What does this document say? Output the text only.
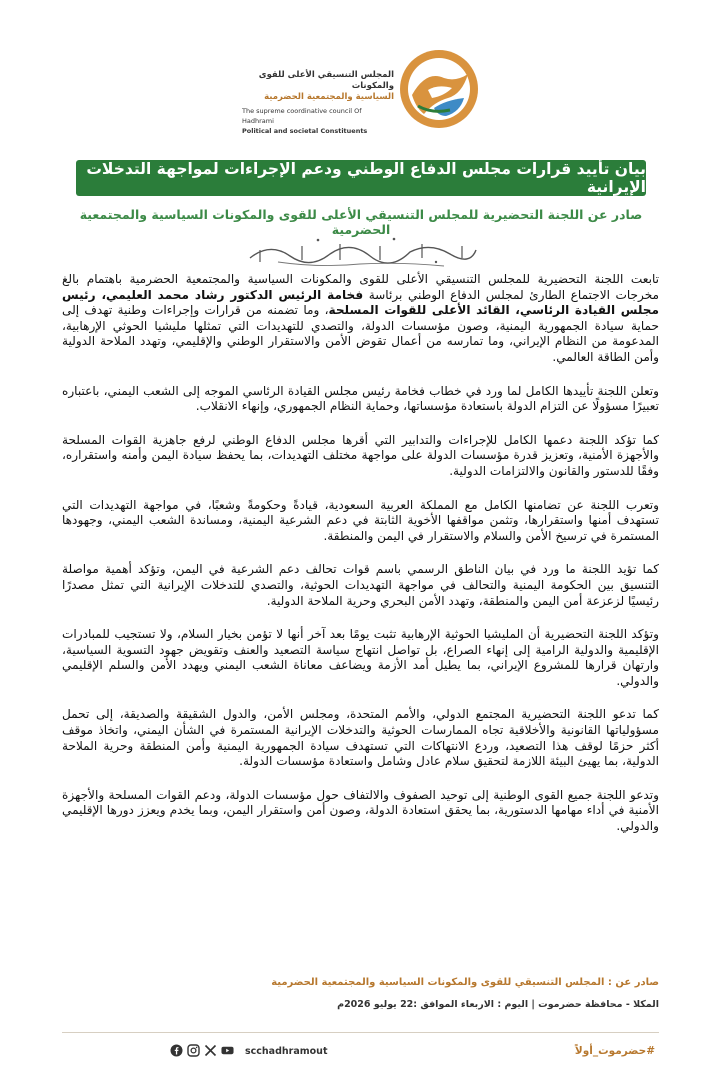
المجلس التنسيقي الأعلى للقوى والمكونات
السياسية والمجتمعية الحضرمية
The supreme coordinative council Of Hadhrami
Political and societal Constituents
بيان تأييد قرارات مجلس الدفاع الوطني ودعم الإجراءات لمواجهة التدخلات الإيرانية
صادر عن اللجنة التحضيرية للمجلس التنسيقي الأعلى للقوى والمكونات السياسية والمجتمعية الحضرمية

تابعت اللجنة التحضيرية للمجلس التنسيقي الأعلى للقوى والمكونات السياسية والمجتمعية الحضرمية باهتمام بالغ مخرجات الاجتماع الطارئ لمجلس الدفاع الوطني برئاسة فخامة الرئيس الدكتور رشاد محمد العليمي، رئيس مجلس القيادة الرئاسي، القائد الأعلى للقوات المسلحة، وما تضمنه من قرارات وإجراءات وطنية تهدف إلى حماية سيادة الجمهورية اليمنية، وصون مؤسسات الدولة، والتصدي للتهديدات التي تمثلها مليشيا الحوثي الإرهابية، المدعومة من النظام الإيراني، وما تمارسه من أعمال تقوض الأمن والاستقرار الوطني والإقليمي، وتهدد الملاحة الدولية وأمن الطاقة العالمي.

وتعلن اللجنة تأييدها الكامل لما ورد في خطاب فخامة رئيس مجلس القيادة الرئاسي الموجه إلى الشعب اليمني، باعتباره تعبيرًا مسؤولًا عن التزام الدولة باستعادة مؤسساتها، وحماية النظام الجمهوري، وإنهاء الانقلاب.

كما تؤكد اللجنة دعمها الكامل للإجراءات والتدابير التي أقرها مجلس الدفاع الوطني لرفع جاهزية القوات المسلحة والأجهزة الأمنية، وتعزيز قدرة مؤسسات الدولة على مواجهة مختلف التهديدات، بما يحفظ سيادة اليمن وأمنه واستقراره، وفقًا للدستور والقانون والالتزامات الدولية.

وتعرب اللجنة عن تضامنها الكامل مع المملكة العربية السعودية، قيادةً وحكومةً وشعبًا، في مواجهة التهديدات التي تستهدف أمنها واستقرارها، وتثمن مواقفها الأخوية الثابتة في دعم الشرعية اليمنية، ومساندة الشعب اليمني، وجهودها المستمرة في ترسيخ الأمن والسلام والاستقرار في اليمن والمنطقة.

كما تؤيد اللجنة ما ورد في بيان الناطق الرسمي باسم قوات تحالف دعم الشرعية في اليمن، وتؤكد أهمية مواصلة التنسيق بين الحكومة اليمنية والتحالف في مواجهة التهديدات الحوثية، والتصدي للتدخلات الإيرانية التي تمثل مصدرًا رئيسيًا لزعزعة أمن اليمن والمنطقة، وتهدد الأمن البحري وحرية الملاحة الدولية.

وتؤكد اللجنة التحضيرية أن المليشيا الحوثية الإرهابية تثبت يومًا بعد آخر أنها لا تؤمن بخيار السلام، ولا تستجيب للمبادرات الإقليمية والدولية الرامية إلى إنهاء الصراع، بل تواصل انتهاج سياسة التصعيد والعنف وتقويض جهود التسوية السياسية، وارتهان قرارها للمشروع الإيراني، بما يطيل أمد الأزمة ويضاعف معاناة الشعب اليمني ويهدد الأمن والسلم الإقليمي والدولي.

كما تدعو اللجنة التحضيرية المجتمع الدولي، والأمم المتحدة، ومجلس الأمن، والدول الشقيقة والصديقة، إلى تحمل مسؤولياتها القانونية والأخلاقية تجاه الممارسات الحوثية والتدخلات الإيرانية المستمرة في الشأن اليمني، واتخاذ موقف أكثر حزمًا لوقف هذا التصعيد، وردع الانتهاكات التي تستهدف سيادة الجمهورية اليمنية وأمن المنطقة وحرية الملاحة الدولية، بما يهيئ البيئة اللازمة لتحقيق سلام عادل وشامل واستعادة مؤسسات الدولة.

وتدعو اللجنة جميع القوى الوطنية إلى توحيد الصفوف والالتفاف حول مؤسسات الدولة، ودعم القوات المسلحة والأجهزة الأمنية في أداء مهامها الدستورية، بما يحقق استعادة الدولة، وصون أمن واستقرار اليمن، وبما يخدم ويعزز دورها الإقليمي والدولي.

صادر عن : المجلس التنسيقي للقوى والمكونات السياسية والمجتمعية الحضرمية
المكلا - محافظة حضرموت | اليوم : الاربعاء الموافق :22 يوليو 2026م
#حضرموت_أولاً
scchadhramout
